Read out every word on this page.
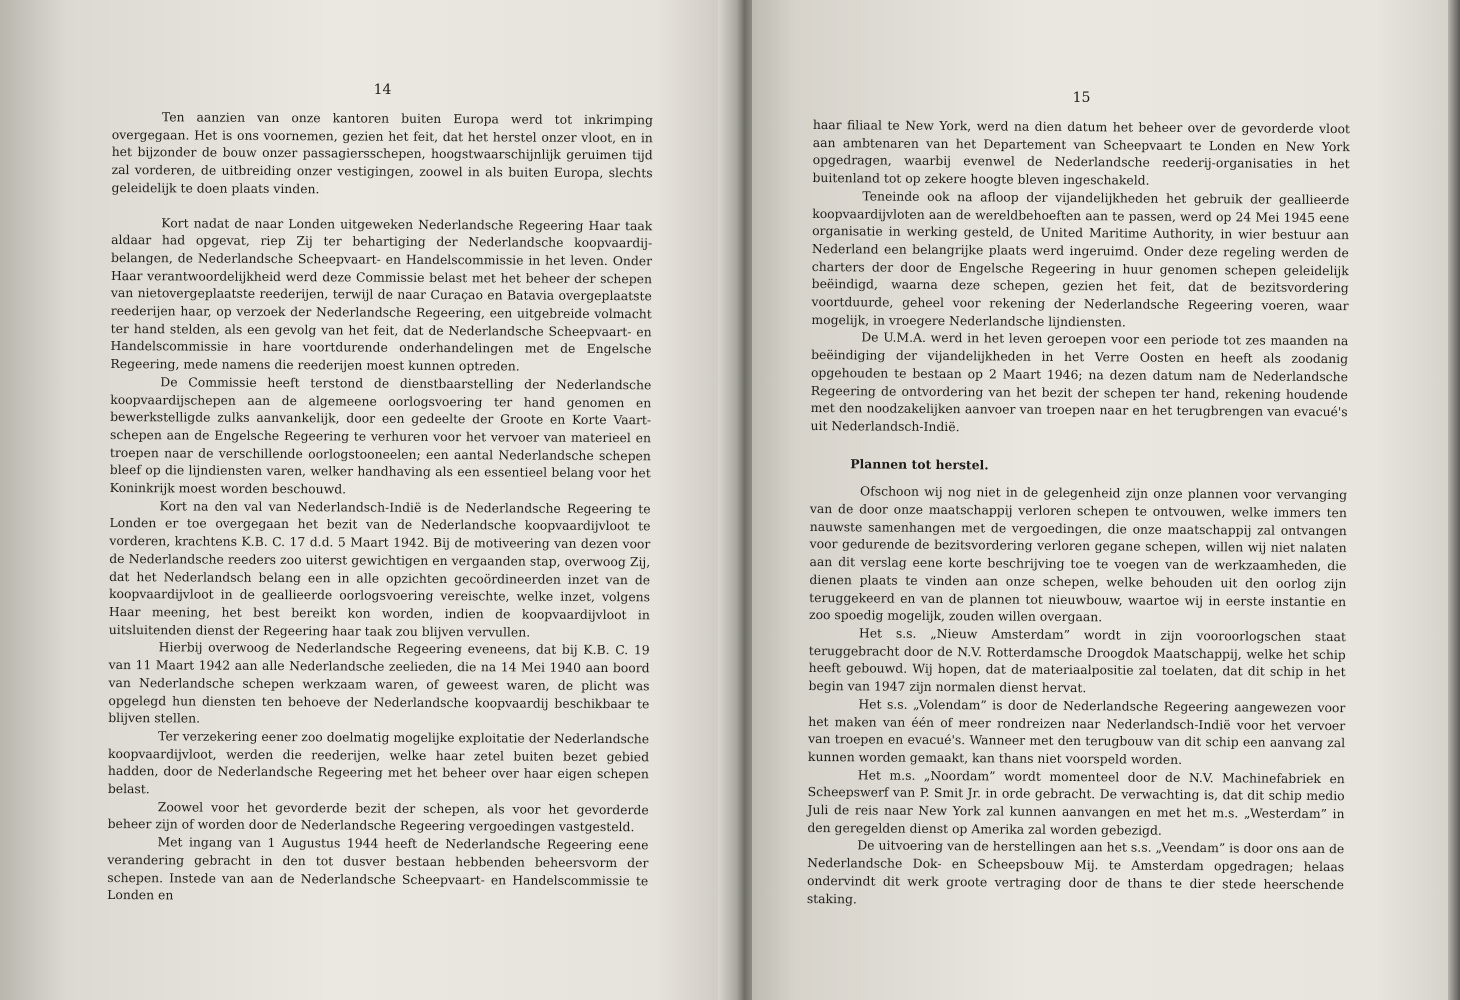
14

Ten aanzien van onze kantoren buiten Europa werd tot inkrimping overgegaan. Het is ons voornemen, gezien het feit, dat het herstel onzer vloot, en in het bijzonder de bouw onzer passagiersschepen, hoogstwaarschijnlijk geruimen tijd zal vorderen, de uitbreiding onzer vestigingen, zoowel in als buiten Europa, slechts geleidelijk te doen plaats vinden.

Kort nadat de naar Londen uitgeweken Nederlandsche Regeering Haar taak aldaar had opgevat, riep Zij ter behartiging der Nederlandsche koopvaardij-belangen, de Nederlandsche Scheepvaart- en Handelscommissie in het leven. Onder Haar verantwoordelijkheid werd deze Commissie belast met het beheer der schepen van nietovergeplaatste reederijen, terwijl de naar Curaçao en Batavia overgeplaatste reederijen haar, op verzoek der Nederlandsche Regeering, een uitgebreide volmacht ter hand stelden, als een gevolg van het feit, dat de Nederlandsche Scheepvaart- en Handelscommissie in hare voortdurende onderhandelingen met de Engelsche Regeering, mede namens die reederijen moest kunnen optreden.

De Commissie heeft terstond de dienstbaarstelling der Nederlandsche koopvaardijschepen aan de algemeene oorlogsvoering ter hand genomen en bewerkstelligde zulks aanvankelijk, door een gedeelte der Groote en Korte Vaart-schepen aan de Engelsche Regeering te verhuren voor het vervoer van materieel en troepen naar de verschillende oorlogstooneelen; een aantal Nederlandsche schepen bleef op die lijndiensten varen, welker handhaving als een essentieel belang voor het Koninkrijk moest worden beschouwd.

Kort na den val van Nederlandsch-Indië is de Nederlandsche Regeering te Londen er toe overgegaan het bezit van de Nederlandsche koopvaardijvloot te vorderen, krachtens K.B. C. 17 d.d. 5 Maart 1942. Bij de motiveering van dezen voor de Nederlandsche reeders zoo uiterst gewichtigen en vergaanden stap, overwoog Zij, dat het Nederlandsch belang een in alle opzichten gecoördineerden inzet van de koopvaardijvloot in de geallieerde oorlogsvoering vereischte, welke inzet, volgens Haar meening, het best bereikt kon worden, indien de koopvaardijvloot in uitsluitenden dienst der Regeering haar taak zou blijven vervullen.

Hierbij overwoog de Nederlandsche Regeering eveneens, dat bij K.B. C. 19 van 11 Maart 1942 aan alle Nederlandsche zeelieden, die na 14 Mei 1940 aan boord van Nederlandsche schepen werkzaam waren, of geweest waren, de plicht was opgelegd hun diensten ten behoeve der Nederlandsche koopvaardij beschikbaar te blijven stellen.

Ter verzekering eener zoo doelmatig mogelijke exploitatie der Nederlandsche koopvaardijvloot, werden die reederijen, welke haar zetel buiten bezet gebied hadden, door de Nederlandsche Regeering met het beheer over haar eigen schepen belast.

Zoowel voor het gevorderde bezit der schepen, als voor het gevorderde beheer zijn of worden door de Nederlandsche Regeering vergoedingen vastgesteld.

Met ingang van 1 Augustus 1944 heeft de Nederlandsche Regeering eene verandering gebracht in den tot dusver bestaan hebbenden beheersvorm der schepen. Instede van aan de Nederlandsche Scheepvaart- en Handelscommissie te Londen en

15

haar filiaal te New York, werd na dien datum het beheer over de gevorderde vloot aan ambtenaren van het Departement van Scheepvaart te Londen en New York opgedragen, waarbij evenwel de Nederlandsche reederij-organisaties in het buitenland tot op zekere hoogte bleven ingeschakeld.

Teneinde ook na afloop der vijandelijkheden het gebruik der geallieerde koopvaardijvloten aan de wereldbehoeften aan te passen, werd op 24 Mei 1945 eene organisatie in werking gesteld, de United Maritime Authority, in wier bestuur aan Nederland een belangrijke plaats werd ingeruimd. Onder deze regeling werden de charters der door de Engelsche Regeering in huur genomen schepen geleidelijk beëindigd, waarna deze schepen, gezien het feit, dat de bezitsvordering voortduurde, geheel voor rekening der Nederlandsche Regeering voeren, waar mogelijk, in vroegere Nederlandsche lijndiensten.

De U.M.A. werd in het leven geroepen voor een periode tot zes maanden na beëindiging der vijandelijkheden in het Verre Oosten en heeft als zoodanig opgehouden te bestaan op 2 Maart 1946; na dezen datum nam de Nederlandsche Regeering de ontvordering van het bezit der schepen ter hand, rekening houdende met den noodzakelijken aanvoer van troepen naar en het terugbrengen van evacué's uit Nederlandsch-Indië.

Plannen tot herstel.

Ofschoon wij nog niet in de gelegenheid zijn onze plannen voor vervanging van de door onze maatschappij verloren schepen te ontvouwen, welke immers ten nauwste samenhangen met de vergoedingen, die onze maatschappij zal ontvangen voor gedurende de bezitsvordering verloren gegane schepen, willen wij niet nalaten aan dit verslag eene korte beschrijving toe te voegen van de werkzaamheden, die dienen plaats te vinden aan onze schepen, welke behouden uit den oorlog zijn teruggekeerd en van de plannen tot nieuwbouw, waartoe wij in eerste instantie en zoo spoedig mogelijk, zouden willen overgaan.

Het s.s. „Nieuw Amsterdam” wordt in zijn vooroorlogschen staat teruggebracht door de N.V. Rotterdamsche Droogdok Maatschappij, welke het schip heeft gebouwd. Wij hopen, dat de materiaalpositie zal toelaten, dat dit schip in het begin van 1947 zijn normalen dienst hervat.

Het s.s. „Volendam” is door de Nederlandsche Regeering aangewezen voor het maken van één of meer rondreizen naar Nederlandsch-Indië voor het vervoer van troepen en evacué's. Wanneer met den terugbouw van dit schip een aanvang zal kunnen worden gemaakt, kan thans niet voorspeld worden.

Het m.s. „Noordam” wordt momenteel door de N.V. Machinefabriek en Scheepswerf van P. Smit Jr. in orde gebracht. De verwachting is, dat dit schip medio Juli de reis naar New York zal kunnen aanvangen en met het m.s. „Westerdam” in den geregelden dienst op Amerika zal worden gebezigd.

De uitvoering van de herstellingen aan het s.s. „Veendam” is door ons aan de Nederlandsche Dok- en Scheepsbouw Mij. te Amsterdam opgedragen; helaas ondervindt dit werk groote vertraging door de thans te dier stede heerschende staking.
